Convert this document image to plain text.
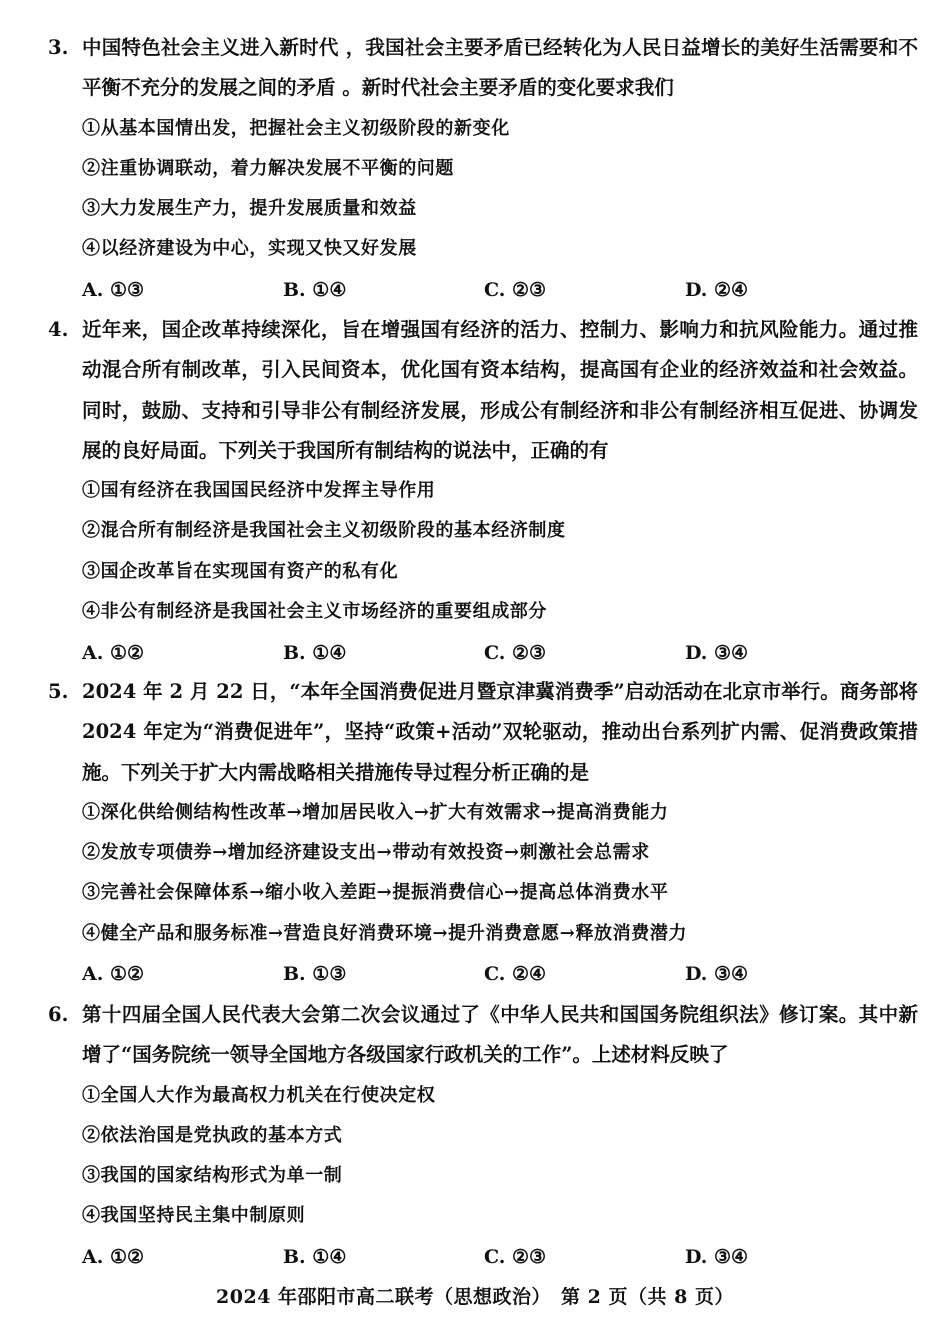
3. 中国特色社会主义进入新时代 ，我国社会主要矛盾已经转化为人民日益增长的美好生活需要和不平衡不充分的发展之间的矛盾 。新时代社会主要矛盾的变化要求我们
①从基本国情出发，把握社会主义初级阶段的新变化
②注重协调联动，着力解决发展不平衡的问题
③大力发展生产力，提升发展质量和效益
④以经济建设为中心，实现又快又好发展
A. ①③	B. ①④	C. ②③	D. ②④
4. 近年来，国企改革持续深化，旨在增强国有经济的活力、控制力、影响力和抗风险能力。通过推动混合所有制改革，引入民间资本，优化国有资本结构，提高国有企业的经济效益和社会效益。同时，鼓励、支持和引导非公有制经济发展，形成公有制经济和非公有制经济相互促进、协调发展的良好局面。下列关于我国所有制结构的说法中，正确的有
①国有经济在我国国民经济中发挥主导作用
②混合所有制经济是我国社会主义初级阶段的基本经济制度
③国企改革旨在实现国有资产的私有化
④非公有制经济是我国社会主义市场经济的重要组成部分
A. ①②	B. ①④	C. ②③	D. ③④
5. 2024 年 2 月 22 日，“本年全国消费促进月暨京津冀消费季”启动活动在北京市举行。商务部将 2024 年定为“消费促进年”，坚持“政策+活动”双轮驱动，推动出台系列扩内需、促消费政策措施。下列关于扩大内需战略相关措施传导过程分析正确的是
①深化供给侧结构性改革→增加居民收入→扩大有效需求→提高消费能力
②发放专项债券→增加经济建设支出→带动有效投资→刺激社会总需求
③完善社会保障体系→缩小收入差距→提振消费信心→提高总体消费水平
④健全产品和服务标准→营造良好消费环境→提升消费意愿→释放消费潜力
A. ①②	B. ①③	C. ②④	D. ③④
6. 第十四届全国人民代表大会第二次会议通过了《中华人民共和国国务院组织法》修订案。其中新增了“国务院统一领导全国地方各级国家行政机关的工作”。上述材料反映了
①全国人大作为最高权力机关在行使决定权
②依法治国是党执政的基本方式
③我国的国家结构形式为单一制
④我国坚持民主集中制原则
A. ①②	B. ①④	C. ②③	D. ③④
2024 年邵阳市高二联考（思想政治）　第 2 页（共 8 页）
